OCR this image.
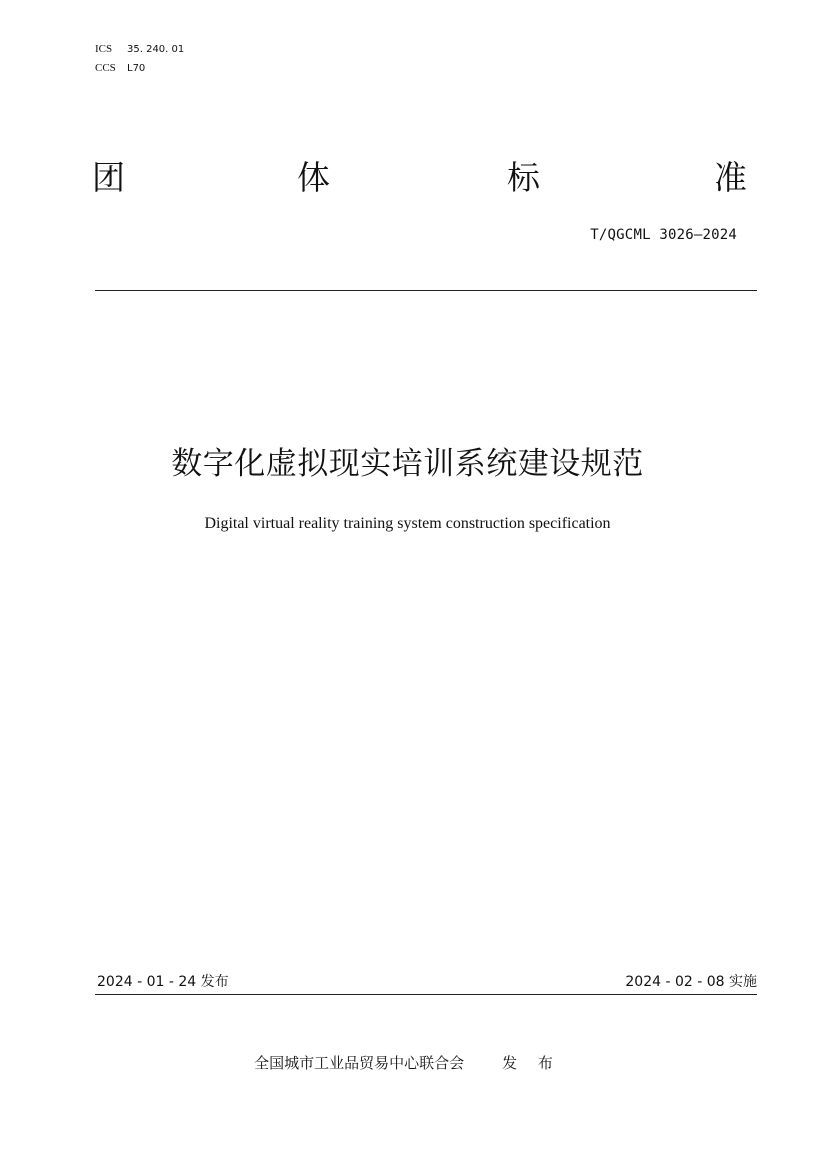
ICS 35. 240. 01
CCS L70
团	体	标	准
T/QGCML 3026—2024
数字化虚拟现实培训系统建设规范
Digital virtual reality training system construction specification
2024 - 01 - 24 发布	2024 - 02 - 08 实施
全国城市工业品贸易中心联合会	发 布
